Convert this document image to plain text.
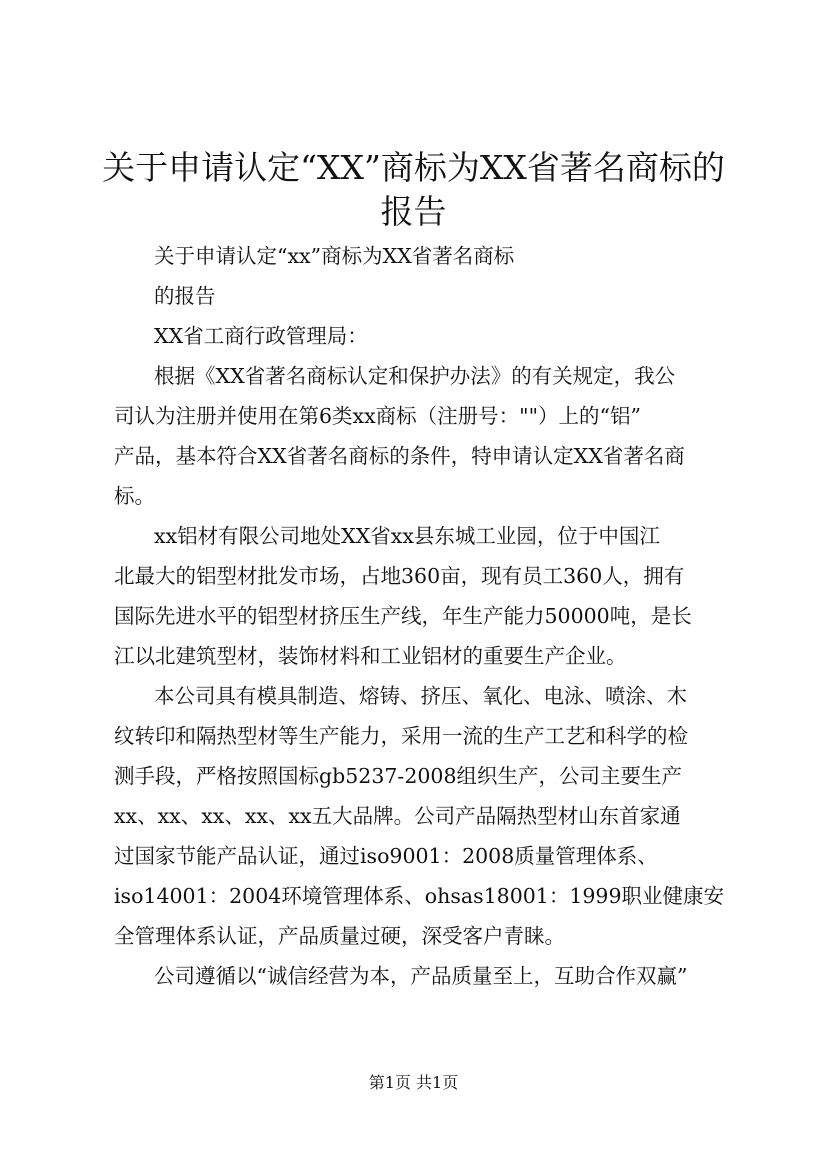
关于申请认定“XX”商标为XX省著名商标的
报告
关于申请认定“xx”商标为XX省著名商标
的报告
XX省工商行政管理局：
根据《XX省著名商标认定和保护办法》的有关规定，我公
司认为注册并使用在第6类xx商标（注册号：""）上的“铝”
产品，基本符合XX省著名商标的条件，特申请认定XX省著名商
标。
xx铝材有限公司地处XX省xx县东城工业园，位于中国江
北最大的铝型材批发市场，占地360亩，现有员工360人，拥有
国际先进水平的铝型材挤压生产线，年生产能力50000吨，是长
江以北建筑型材，装饰材料和工业铝材的重要生产企业。
本公司具有模具制造、熔铸、挤压、氧化、电泳、喷涂、木
纹转印和隔热型材等生产能力，采用一流的生产工艺和科学的检
测手段，严格按照国标gb5237-2008组织生产，公司主要生产
xx、xx、xx、xx、xx五大品牌。公司产品隔热型材山东首家通
过国家节能产品认证，通过iso9001：2008质量管理体系、
iso14001：2004环境管理体系、ohsas18001：1999职业健康安
全管理体系认证，产品质量过硬，深受客户青睐。
公司遵循以“诚信经营为本，产品质量至上，互助合作双赢”
第1页 共1页
